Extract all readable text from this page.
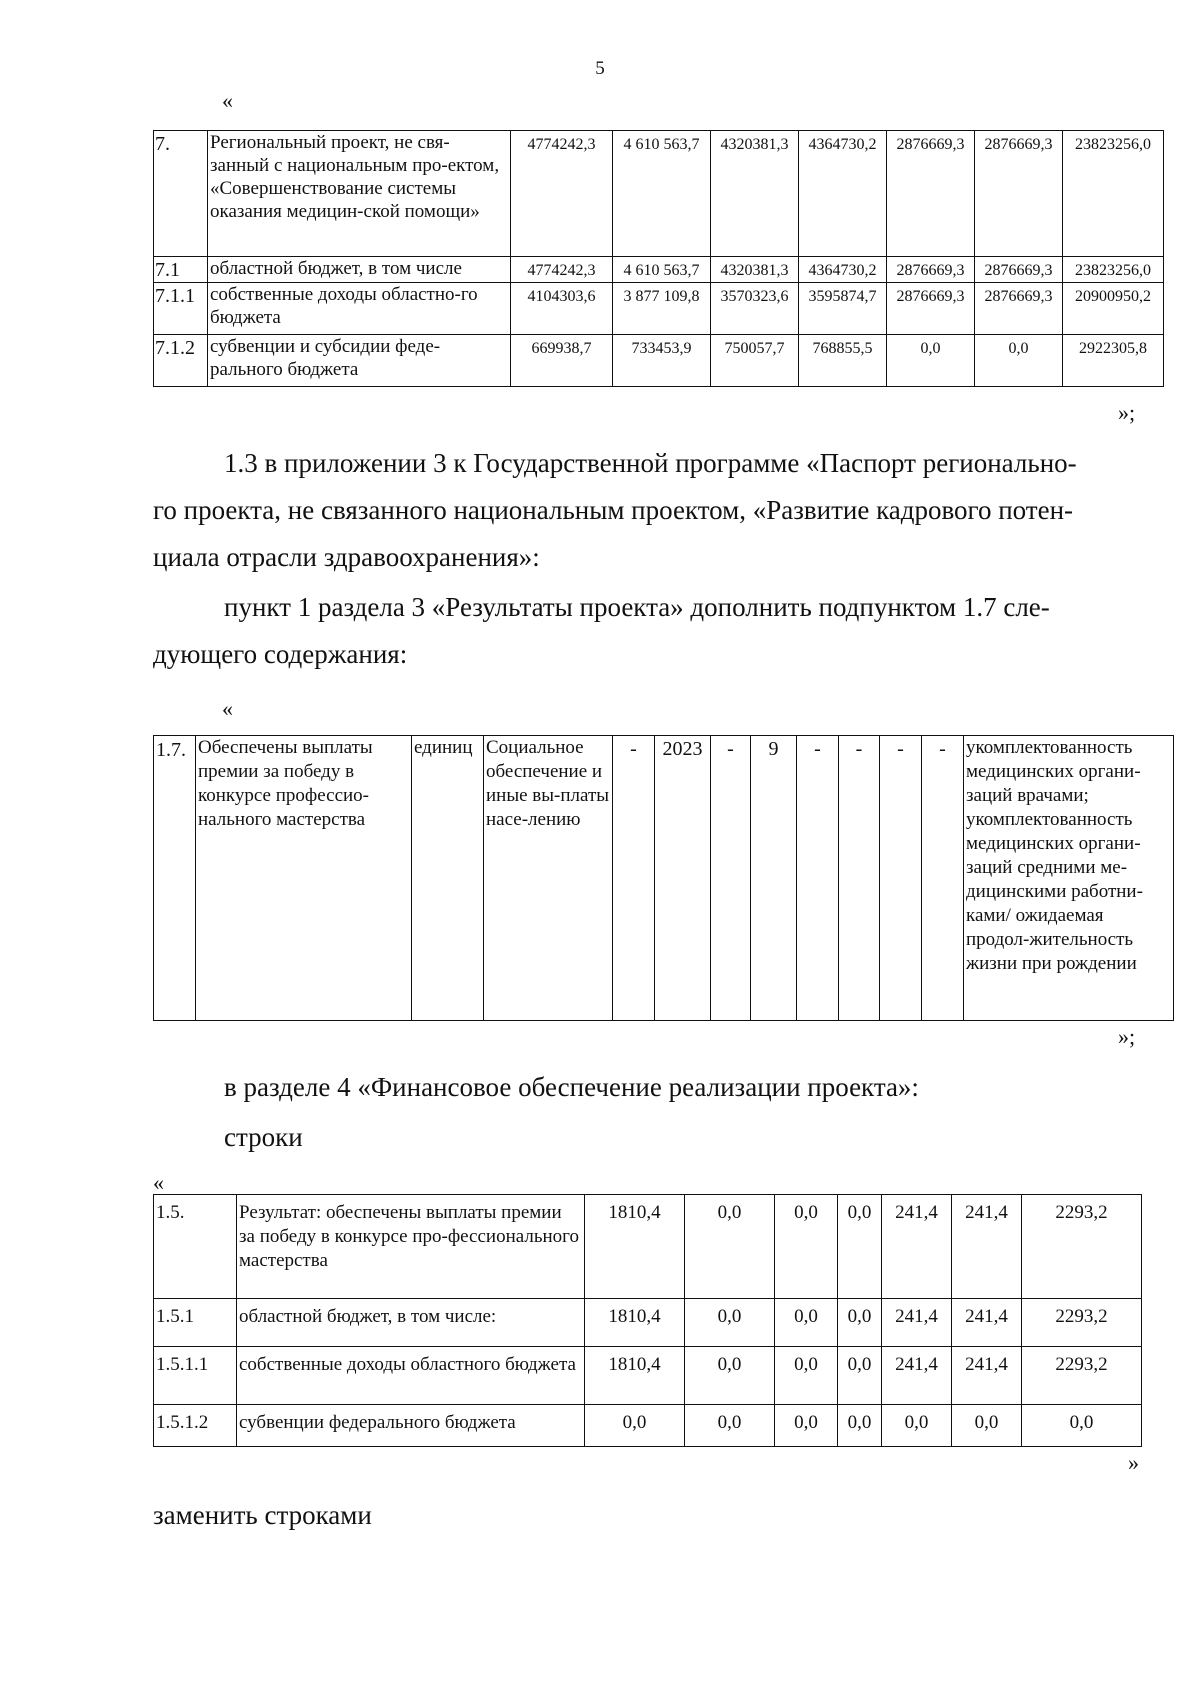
5
«
7.	Региональный проект, не свя-занный с национальным про-ектом, «Совершенствование системы оказания медицин-ской помощи»	4774242,3	4 610 563,7	4320381,3	4364730,2	2876669,3	2876669,3	23823256,0
7.1	областной бюджет, в том числе	4774242,3	4 610 563,7	4320381,3	4364730,2	2876669,3	2876669,3	23823256,0
7.1.1	собственные доходы областно-го бюджета	4104303,6	3 877 109,8	3570323,6	3595874,7	2876669,3	2876669,3	20900950,2
7.1.2	субвенции и субсидии феде-рального бюджета	669938,7	733453,9	750057,7	768855,5	0,0	0,0	2922305,8
»;
1.3 в приложении 3 к Государственной программе «Паспорт регионально-
го проекта, не связанного национальным проектом, «Развитие кадрового потен-
циала отрасли здравоохранения»:
пункт 1 раздела 3 «Результаты проекта» дополнить подпунктом 1.7 сле-
дующего содержания:
«
1.7.	Обеспечены выплаты премии за победу в конкурсе профессио-нального мастерства	единиц	Социальное обеспечение и иные вы-платы насе-лению	-	2023	-	9	-	-	-	-	укомплектованность медицинских органи-заций врачами; укомплектованность медицинских органи-заций средними ме-дицинскими работни-ками/ ожидаемая продол-жительность жизни при рождении
»;
в разделе 4 «Финансовое обеспечение реализации проекта»:
строки
«
1.5.	Результат: обеспечены выплаты премии за победу в конкурсе про-фессионального мастерства	1810,4	0,0	0,0	0,0	241,4	241,4	2293,2
1.5.1	областной бюджет, в том числе:	1810,4	0,0	0,0	0,0	241,4	241,4	2293,2
1.5.1.1	собственные доходы областного бюджета	1810,4	0,0	0,0	0,0	241,4	241,4	2293,2
1.5.1.2	субвенции федерального бюджета	0,0	0,0	0,0	0,0	0,0	0,0	0,0
»
заменить строками
